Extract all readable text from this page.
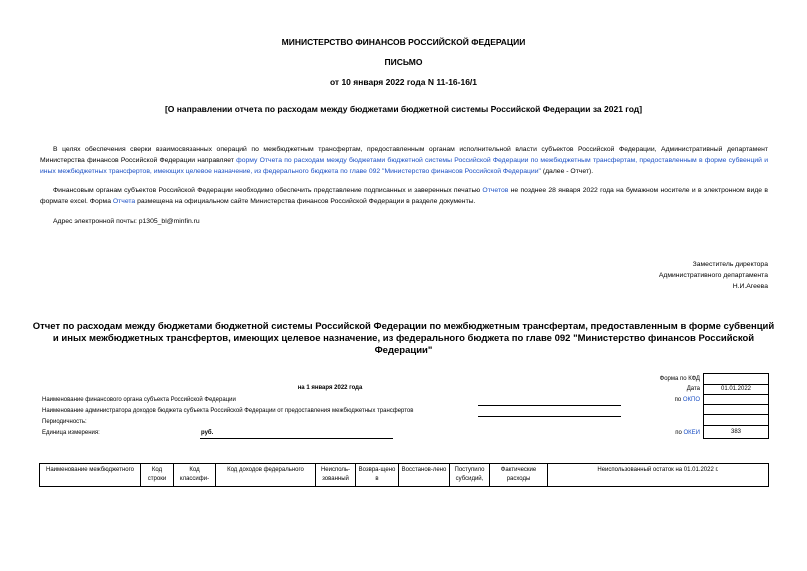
МИНИСТЕРСТВО ФИНАНСОВ РОССИЙСКОЙ ФЕДЕРАЦИИ
ПИСЬМО
от 10 января 2022 года N 11-16-16/1
[О направлении отчета по расходам между бюджетами бюджетной системы Российской Федерации за 2021 год]
В целях обеспечения сверки взаимосвязанных операций по межбюджетным трансфертам, предоставленным органам исполнительной власти субъектов Российской Федерации, Административный департамент Министерства финансов Российской Федерации направляет форму Отчета по расходам между бюджетами бюджетной системы Российской Федерации по межбюджетным трансфертам, предоставленным в форме субвенций и иных межбюджетных трансфертов, имеющих целевое назначение, из федерального бюджета по главе 092 "Министерство финансов Российской Федерации" (далее - Отчет).
Финансовым органам субъектов Российской Федерации необходимо обеспечить представление подписанных и заверенных печатью Отчетов не позднее 28 января 2022 года на бумажном носителе и в электронном виде в формате excel. Форма Отчета размещена на официальном сайте Министерства финансов Российской Федерации в разделе документы.
Адрес электронной почты: p1305_bl@minfin.ru
Заместитель директора
Административного департамента
Н.И.Агеева
Отчет по расходам между бюджетами бюджетной системы Российской Федерации по межбюджетным трансфертам, предоставленным в форме субвенций и иных межбюджетных трансфертов, имеющих целевое назначение, из федерального бюджета по главе 092 "Министерство финансов Российской Федерации"
Форма по КФД
на 1 января 2022 года	Дата	01.01.2022
Наименование финансового органа субъекта Российской Федерации	по ОКПО
Наименование администратора доходов бюджета субъекта Российской Федерации от предоставления межбюджетных трансфертов
Периодичность:
Единица измерения:	руб.	по ОКЕИ	383
Наименование межбюджетного	Код строки	Код классифи-	Код доходов федерального	Неисполь-зованный	Возвра-щено в	Восстанов-лено	Поступило субсидий,	Фактические расходы	Неиспользованный остаток на 01.01.2022 г.
